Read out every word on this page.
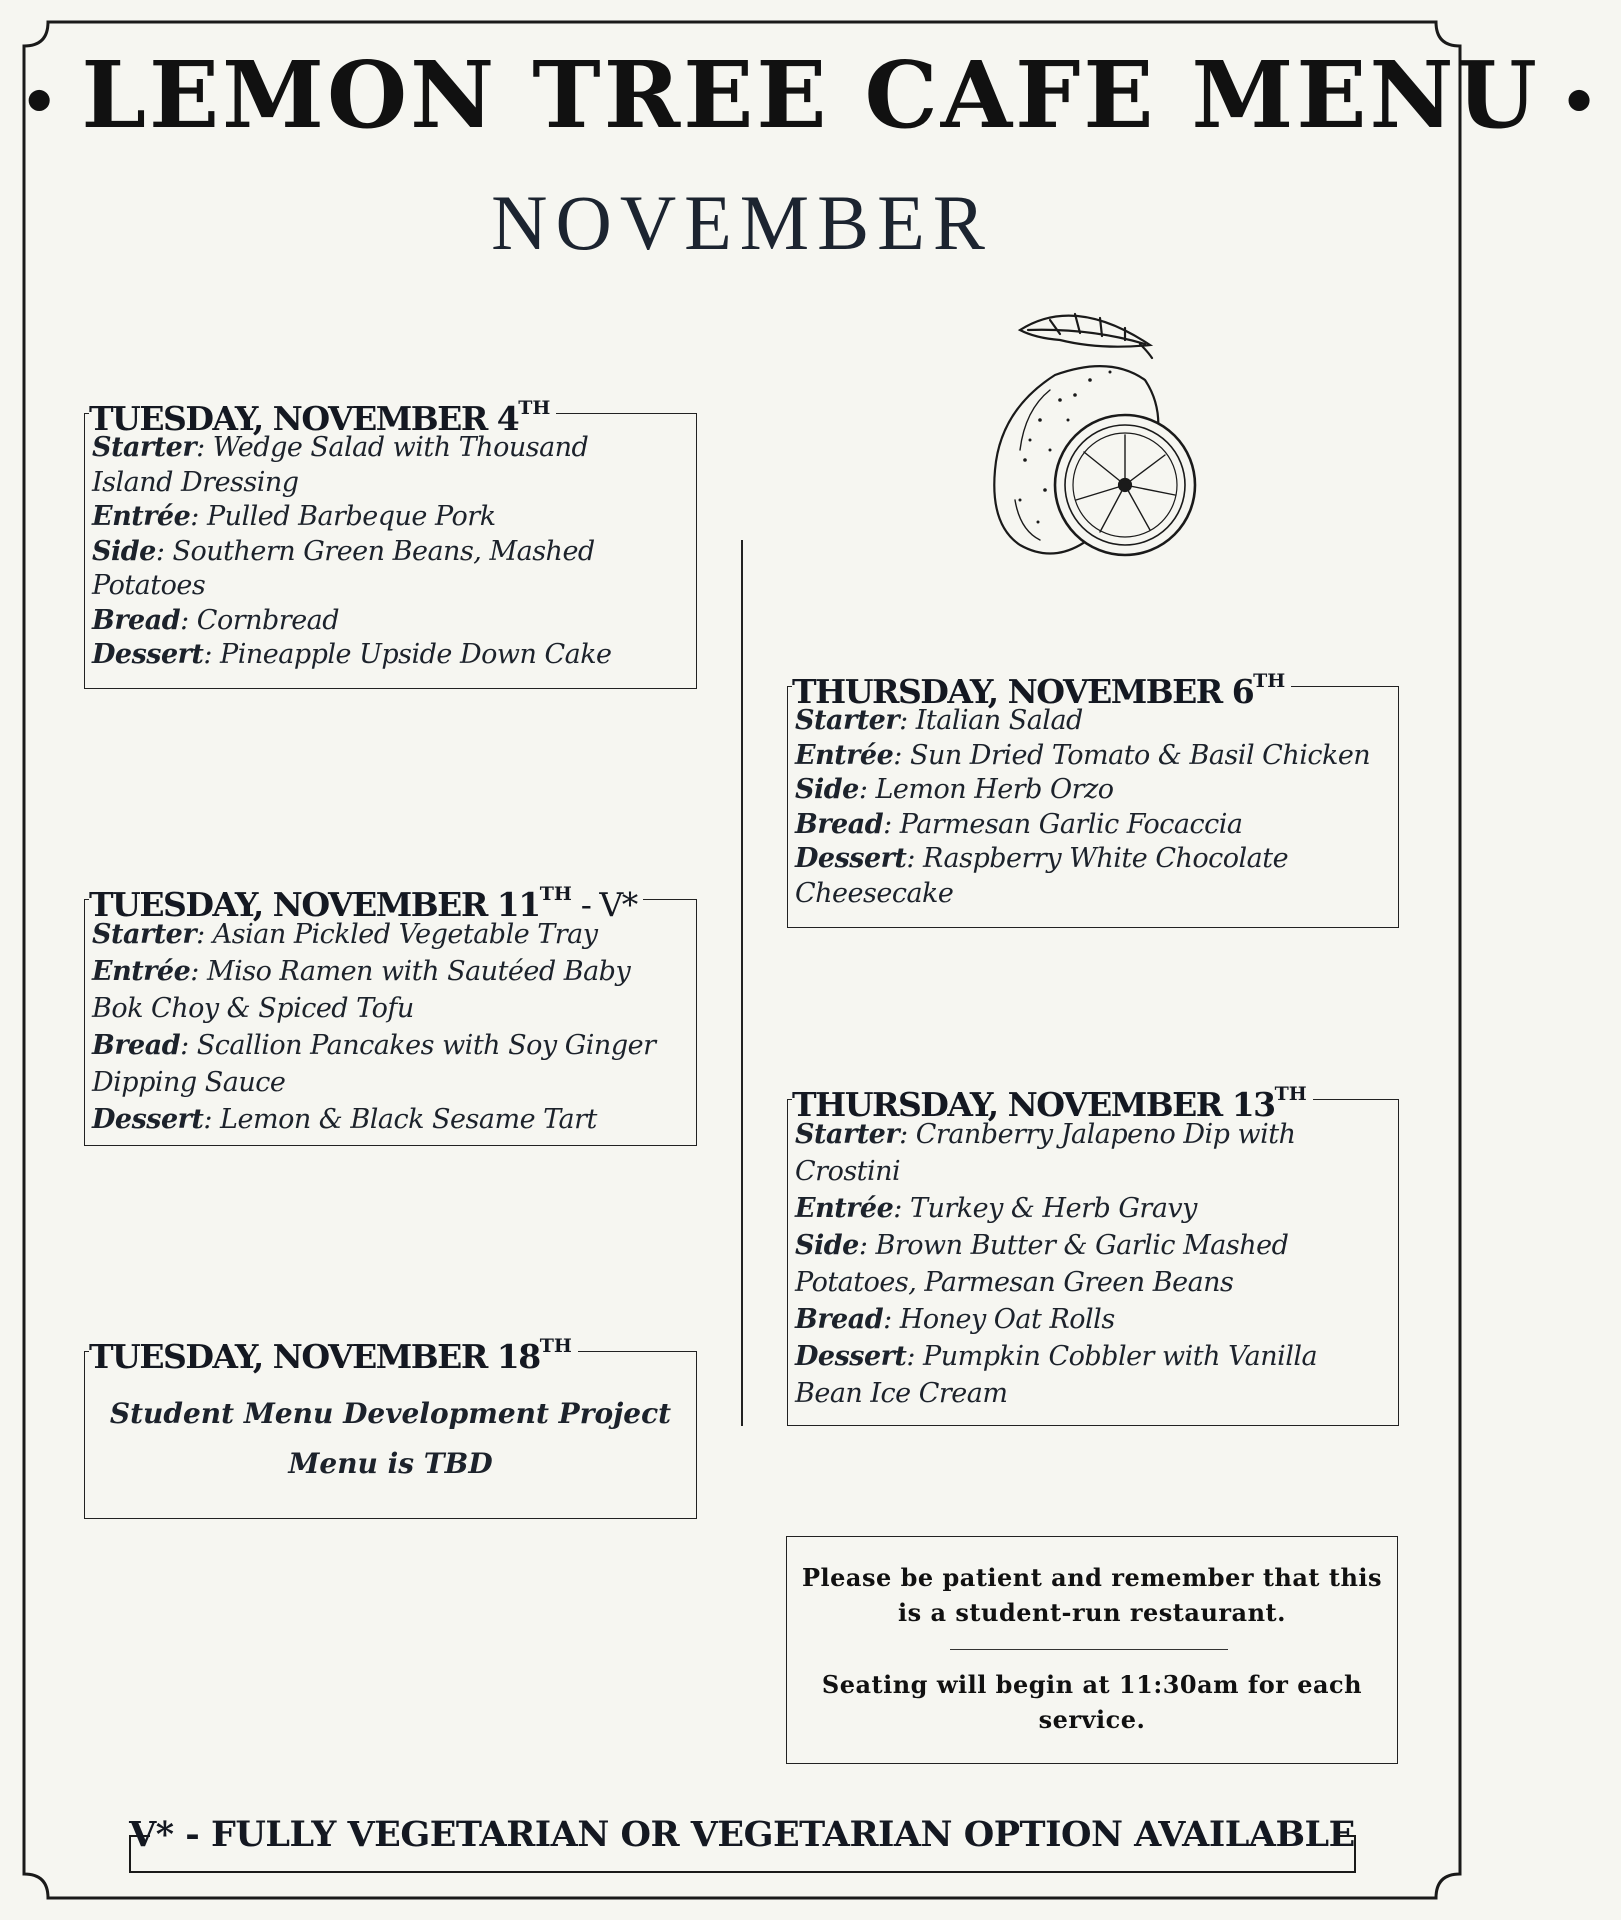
• LEMON TREE CAFE MENU •
NOVEMBER
TUESDAY, NOVEMBER 4TH
Starter: Wedge Salad with Thousand
Island Dressing
Entrée: Pulled Barbeque Pork
Side: Southern Green Beans, Mashed
Potatoes
Bread: Cornbread
Dessert: Pineapple Upside Down Cake
THURSDAY, NOVEMBER 6TH
Starter: Italian Salad
Entrée: Sun Dried Tomato & Basil Chicken
Side: Lemon Herb Orzo
Bread: Parmesan Garlic Focaccia
Dessert: Raspberry White Chocolate
Cheesecake
TUESDAY, NOVEMBER 11TH - V*
Starter: Asian Pickled Vegetable Tray
Entrée: Miso Ramen with Sautéed Baby
Bok Choy & Spiced Tofu
Bread: Scallion Pancakes with Soy Ginger
Dipping Sauce
Dessert: Lemon & Black Sesame Tart	THURSDAY, NOVEMBER 13TH
Starter: Cranberry Jalapeno Dip with
Crostini
Entrée: Turkey & Herb Gravy
Side: Brown Butter & Garlic Mashed
Potatoes, Parmesan Green Beans
Bread: Honey Oat Rolls
Dessert: Pumpkin Cobbler with Vanilla
Bean Ice Cream
TUESDAY, NOVEMBER 18TH
Student Menu Development Project
Menu is TBD
Please be patient and remember that this is a student-run restaurant.
Seating will begin at 11:30am for each service.
V* - FULLY VEGETARIAN OR VEGETARIAN OPTION AVAILABLE
